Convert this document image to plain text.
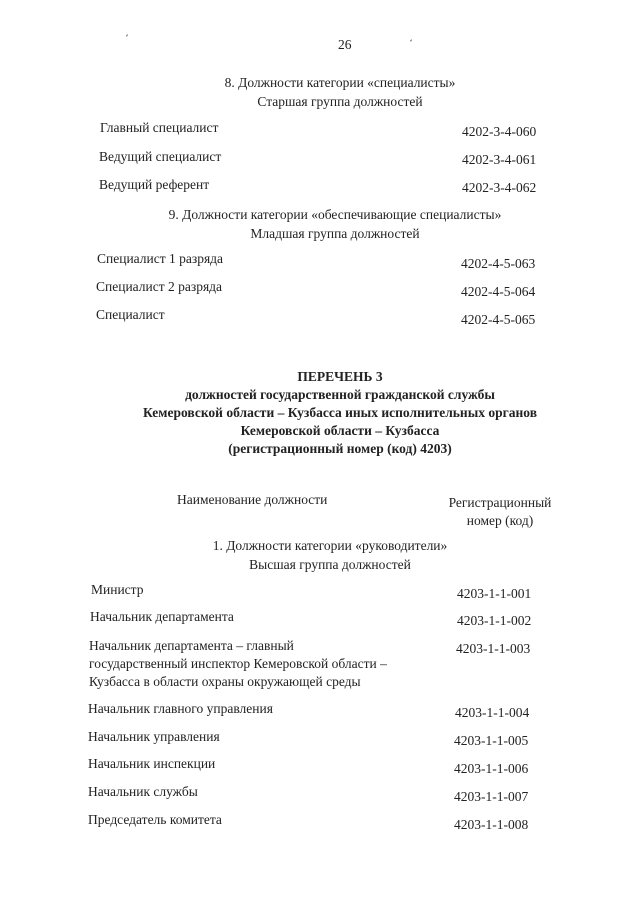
26
8. Должности категории «специалисты»
Старшая группа должностей
Главный специалист	4202-3-4-060
Ведущий специалист	4202-3-4-061
Ведущий референт	4202-3-4-062
9. Должности категории «обеспечивающие специалисты»
Младшая группа должностей
Специалист 1 разряда	4202-4-5-063
Специалист 2 разряда	4202-4-5-064
Специалист	4202-4-5-065
ПЕРЕЧЕНЬ 3
должностей государственной гражданской службы
Кемеровской области – Кузбасса иных исполнительных органов
Кемеровской области – Кузбасса
(регистрационный номер (код) 4203)
Наименование должности	Регистрационный
номер (код)
1. Должности категории «руководители»
Высшая группа должностей
Министр	4203-1-1-001
Начальник департамента	4203-1-1-002
Начальник департамента – главный
государственный инспектор Кемеровской области –
Кузбасса в области охраны окружающей среды
4203-1-1-003
Начальник главного управления	4203-1-1-004
Начальник управления	4203-1-1-005
Начальник инспекции	4203-1-1-006
Начальник службы	4203-1-1-007
Председатель комитета	4203-1-1-008
